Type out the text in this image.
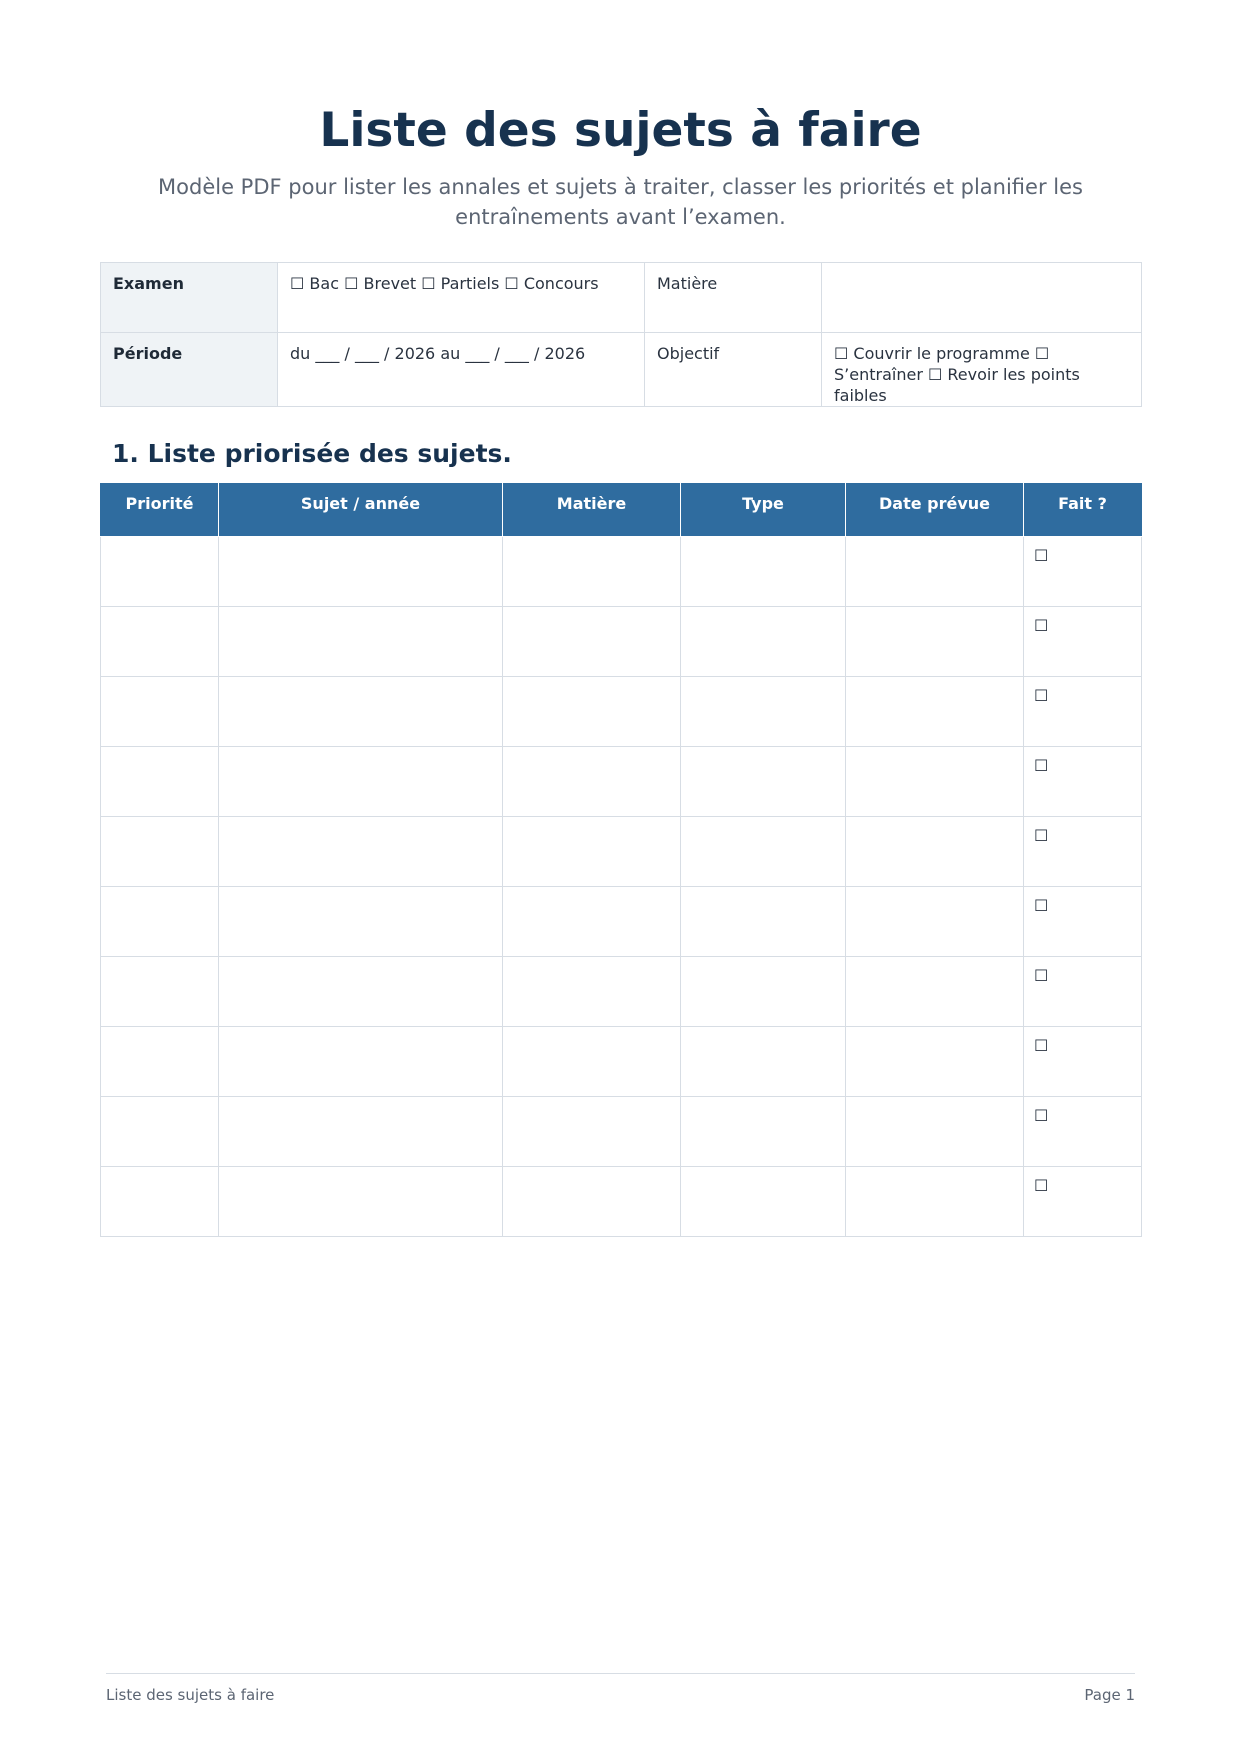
Liste des sujets à faire

Modèle PDF pour lister les annales et sujets à traiter, classer les priorités et planifier les entraînements avant l’examen.

Examen	☐ Bac ☐ Brevet ☐ Partiels ☐ Concours	Matière	
Période	du ___ / ___ / 2026 au ___ / ___ / 2026	Objectif	☐ Couvrir le programme ☐ S’entraîner ☐ Revoir les points faibles
1. Liste priorisée des sujets.
Priorité	Sujet / année	Matière	Type	Date prévue	Fait ?
					☐
					☐
					☐
					☐
					☐
					☐
					☐
					☐
					☐
					☐
Liste des sujets à faire	Page 1
